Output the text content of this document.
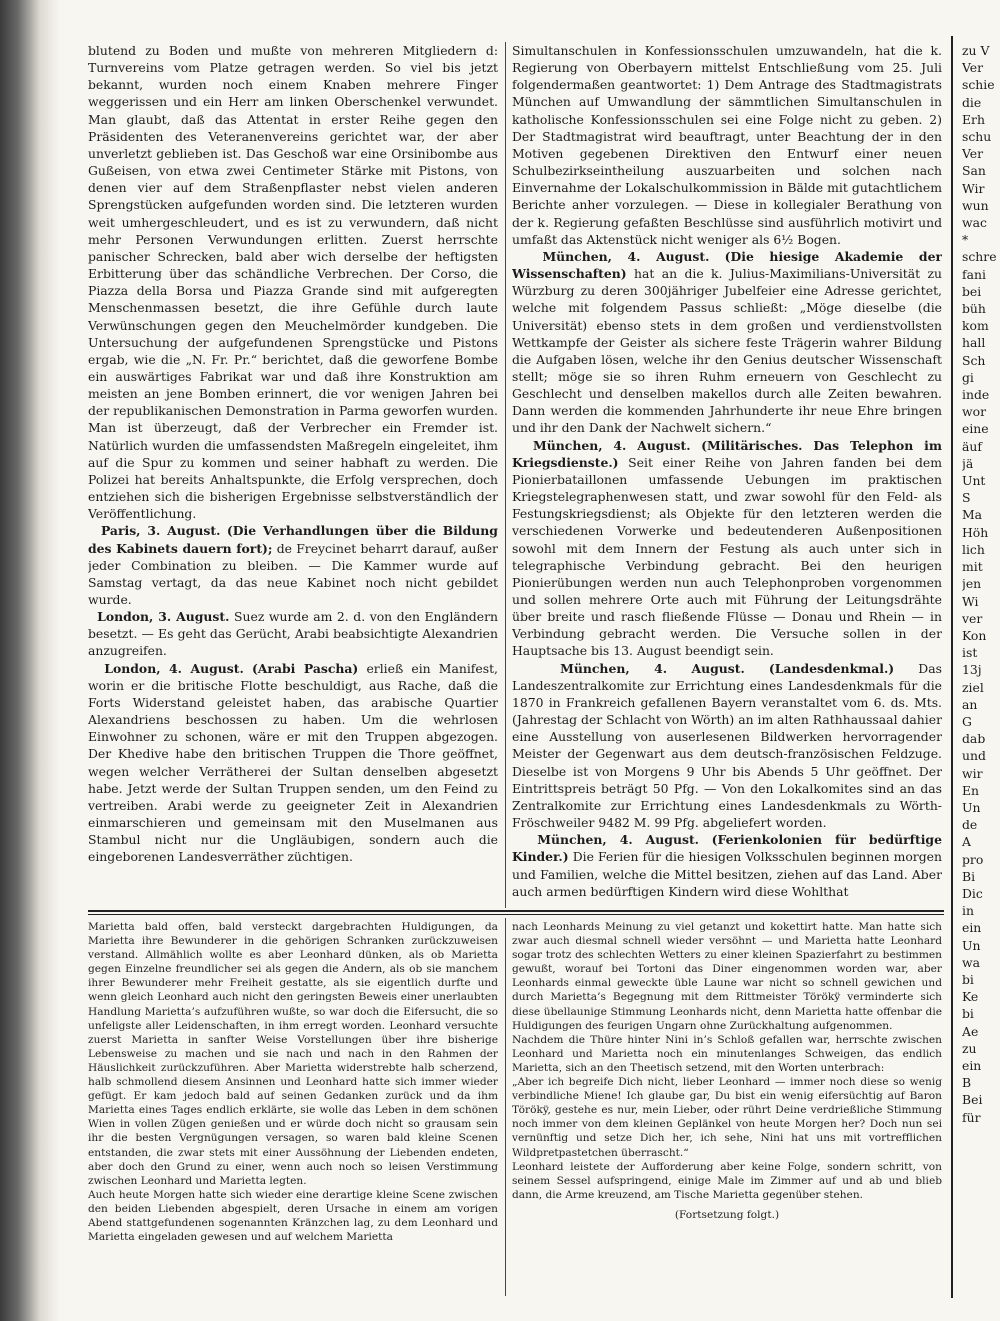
blutend zu Boden und mußte von mehreren Mitgliedern d: Turnvereins vom Platze getragen werden. So viel bis jetzt bekannt, wurden noch einem Knaben mehrere Finger weggerissen und ein Herr am linken Oberschenkel verwundet. Man glaubt, daß das Attentat in erster Reihe gegen den Präsidenten des Veteranenvereins gerichtet war, der aber unverletzt geblieben ist. Das Geschoß war eine Orsinibombe aus Gußeisen, von etwa zwei Centimeter Stärke mit Pistons, von denen vier auf dem Straßenpflaster nebst vielen anderen Sprengstücken aufgefunden worden sind. Die letzteren wurden weit umhergeschleudert, und es ist zu verwundern, daß nicht mehr Personen Verwundungen erlitten. Zuerst herrschte panischer Schrecken, bald aber wich derselbe der heftigsten Erbitterung über das schändliche Verbrechen. Der Corso, die Piazza della Borsa und Piazza Grande sind mit aufgeregten Menschenmassen besetzt, die ihre Gefühle durch laute Verwünschungen gegen den Meuchelmörder kundgeben. Die Untersuchung der aufgefundenen Sprengstücke und Pistons ergab, wie die „N. Fr. Pr.“ berichtet, daß die geworfene Bombe ein auswärtiges Fabrikat war und daß ihre Konstruktion am meisten an jene Bomben erinnert, die vor wenigen Jahren bei der republikanischen Demonstration in Parma geworfen wurden. Man ist überzeugt, daß der Verbrecher ein Fremder ist. Natürlich wurden die umfassendsten Maßregeln eingeleitet, ihm auf die Spur zu kommen und seiner habhaft zu werden. Die Polizei hat bereits Anhaltspunkte, die Erfolg versprechen, doch entziehen sich die bisherigen Ergebnisse selbstverständlich der Veröffentlichung.

Paris, 3. August. (Die Verhandlungen über die Bildung des Kabinets dauern fort); de Freycinet beharrt darauf, außer jeder Combination zu bleiben. — Die Kammer wurde auf Samstag vertagt, da das neue Kabinet noch nicht gebildet wurde.

London, 3. August. Suez wurde am 2. d. von den Engländern besetzt. — Es geht das Gerücht, Arabi beabsichtigte Alexandrien anzugreifen.

London, 4. August. (Arabi Pascha) erließ ein Manifest, worin er die britische Flotte beschuldigt, aus Rache, daß die Forts Widerstand geleistet haben, das arabische Quartier Alexandriens beschossen zu haben. Um die wehrlosen Einwohner zu schonen, wäre er mit den Truppen abgezogen. Der Khedive habe den britischen Truppen die Thore geöffnet, wegen welcher Verrätherei der Sultan denselben abgesetzt habe. Jetzt werde der Sultan Truppen senden, um den Feind zu vertreiben. Arabi werde zu geeigneter Zeit in Alexandrien einmarschieren und gemeinsam mit den Muselmanen aus Stambul nicht nur die Ungläubigen, sondern auch die eingeborenen Landesverräther züchtigen.

Simultanschulen in Konfessionsschulen umzuwandeln, hat die k. Regierung von Oberbayern mittelst Entschließung vom 25. Juli folgendermaßen geantwortet: 1) Dem Antrage des Stadtmagistrats München auf Umwandlung der sämmtlichen Simultanschulen in katholische Konfessionsschulen sei eine Folge nicht zu geben. 2) Der Stadtmagistrat wird beauftragt, unter Beachtung der in den Motiven gegebenen Direktiven den Entwurf einer neuen Schulbezirkseintheilung auszuarbeiten und solchen nach Einvernahme der Lokalschulkommission in Bälde mit gutachtlichem Berichte anher vorzulegen. — Diese in kollegialer Berathung von der k. Regierung gefaßten Beschlüsse sind ausführlich motivirt und umfaßt das Aktenstück nicht weniger als 6½ Bogen.

München, 4. August. (Die hiesige Akademie der Wissenschaften) hat an die k. Julius-Maximilians-Universität zu Würzburg zu deren 300jähriger Jubelfeier eine Adresse gerichtet, welche mit folgendem Passus schließt: „Möge dieselbe (die Universität) ebenso stets in dem großen und verdienstvollsten Wettkampfe der Geister als sichere feste Trägerin wahrer Bildung die Aufgaben lösen, welche ihr den Genius deutscher Wissenschaft stellt; möge sie so ihren Ruhm erneuern von Geschlecht zu Geschlecht und denselben makellos durch alle Zeiten bewahren. Dann werden die kommenden Jahrhunderte ihr neue Ehre bringen und ihr den Dank der Nachwelt sichern.“

München, 4. August. (Militärisches. Das Telephon im Kriegsdienste.) Seit einer Reihe von Jahren fanden bei dem Pionierbataillonen umfassende Uebungen im praktischen Kriegstelegraphenwesen statt, und zwar sowohl für den Feld- als Festungskriegsdienst; als Objekte für den letzteren werden die verschiedenen Vorwerke und bedeutenderen Außenpositionen sowohl mit dem Innern der Festung als auch unter sich in telegraphische Verbindung gebracht. Bei den heurigen Pionierübungen werden nun auch Telephonproben vorgenommen und sollen mehrere Orte auch mit Führung der Leitungsdrähte über breite und rasch fließende Flüsse — Donau und Rhein — in Verbindung gebracht werden. Die Versuche sollen in der Hauptsache bis 13. August beendigt sein.

München, 4. August. (Landesdenkmal.) Das Landeszentralkomite zur Errichtung eines Landesdenkmals für die 1870 in Frankreich gefallenen Bayern veranstaltet vom 6. ds. Mts. (Jahrestag der Schlacht von Wörth) an im alten Rathhaussaal dahier eine Ausstellung von auserlesenen Bildwerken hervorragender Meister der Gegenwart aus dem deutsch-französischen Feldzuge. Dieselbe ist von Morgens 9 Uhr bis Abends 5 Uhr geöffnet. Der Eintrittspreis beträgt 50 Pfg. — Von den Lokalkomites sind an das Zentralkomite zur Errichtung eines Landesdenkmals zu Wörth-Fröschweiler 9482 M. 99 Pfg. abgeliefert worden.

München, 4. August. (Ferienkolonien für bedürftige Kinder.) Die Ferien für die hiesigen Volksschulen beginnen morgen und Familien, welche die Mittel besitzen, ziehen auf das Land. Aber auch armen bedürftigen Kindern wird diese Wohlthat

zu V

Ver

schie

die

Erh

schu

Ver

San

Wir

wun

wac

*

schre

fani

bei

büh

kom

hall

Sch

gi

inde

wor

eine

äuf

jä

Unt

S

Ma

Höh

lich

mit

jen

Wi

ver

Kon

ist

13j

ziel

an

G

dab

und

wir

En

Un

de

A

pro

Bi

Dic

in

ein

Un

wa

bi

Ke

bi

Ae

zu

ein

B

Bei

für

Marietta bald offen, bald versteckt dargebrachten Huldigungen, da Marietta ihre Bewunderer in die gehörigen Schranken zurückzuweisen verstand. Allmählich wollte es aber Leonhard dünken, als ob Marietta gegen Einzelne freundlicher sei als gegen die Andern, als ob sie manchem ihrer Bewunderer mehr Freiheit gestatte, als sie eigentlich durfte und wenn gleich Leonhard auch nicht den geringsten Beweis einer unerlaubten Handlung Marietta’s aufzuführen wußte, so war doch die Eifersucht, die so unfeligste aller Leidenschaften, in ihm erregt worden. Leonhard versuchte zuerst Marietta in sanfter Weise Vorstellungen über ihre bisherige Lebensweise zu machen und sie nach und nach in den Rahmen der Häuslichkeit zurückzuführen. Aber Marietta widerstrebte halb scherzend, halb schmollend diesem Ansinnen und Leonhard hatte sich immer wieder gefügt. Er kam jedoch bald auf seinen Gedanken zurück und da ihm Marietta eines Tages endlich erklärte, sie wolle das Leben in dem schönen Wien in vollen Zügen genießen und er würde doch nicht so grausam sein ihr die besten Vergnügungen versagen, so waren bald kleine Scenen entstanden, die zwar stets mit einer Aussöhnung der Liebenden endeten, aber doch den Grund zu einer, wenn auch noch so leisen Verstimmung zwischen Leonhard und Marietta legten.
Auch heute Morgen hatte sich wieder eine derartige kleine Scene zwischen den beiden Liebenden abgespielt, deren Ursache in einem am vorigen Abend stattgefundenen sogenannten Kränzchen lag, zu dem Leonhard und Marietta eingeladen gewesen und auf welchem Marietta

nach Leonhards Meinung zu viel getanzt und kokettirt hatte. Man hatte sich zwar auch diesmal schnell wieder versöhnt — und Marietta hatte Leonhard sogar trotz des schlechten Wetters zu einer kleinen Spazierfahrt zu bestimmen gewußt, worauf bei Tortoni das Diner eingenommen worden war, aber Leonhards einmal geweckte üble Laune war nicht so schnell gewichen und durch Marietta’s Begegnung mit dem Rittmeister Törökÿ verminderte sich diese übellaunige Stimmung Leonhards nicht, denn Marietta hatte offenbar die Huldigungen des feurigen Ungarn ohne Zurückhaltung aufgenommen.
Nachdem die Thüre hinter Nini in’s Schloß gefallen war, herrschte zwischen Leonhard und Marietta noch ein minutenlanges Schweigen, das endlich Marietta, sich an den Theetisch setzend, mit den Worten unterbrach:
„Aber ich begreife Dich nicht, lieber Leonhard — immer noch diese so wenig verbindliche Miene! Ich glaube gar, Du bist ein wenig eifersüchtig auf Baron Törökÿ, gestehe es nur, mein Lieber, oder rührt Deine verdrießliche Stimmung noch immer von dem kleinen Geplänkel von heute Morgen her? Doch nun sei vernünftig und setze Dich her, ich sehe, Nini hat uns mit vortrefflichen Wildpretpastetchen überrascht.“
Leonhard leistete der Aufforderung aber keine Folge, sondern schritt, von seinem Sessel aufspringend, einige Male im Zimmer auf und ab und blieb dann, die Arme kreuzend, am Tische Marietta gegenüber stehen.

(Fortsetzung folgt.)
